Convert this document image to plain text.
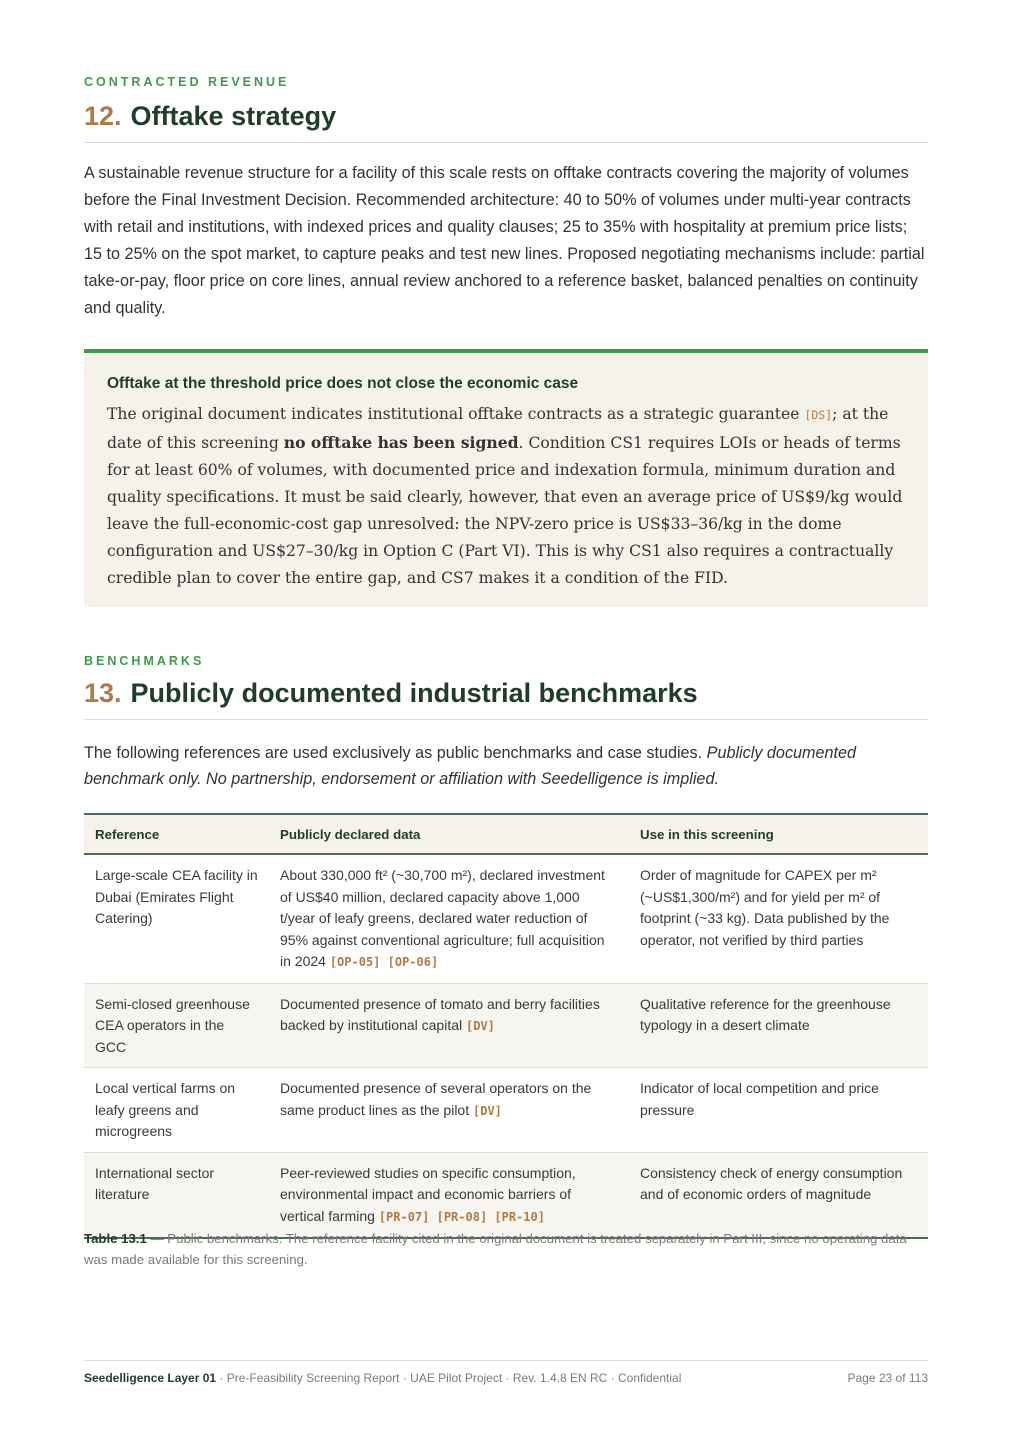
CONTRACTED REVENUE
12. Offtake strategy

A sustainable revenue structure for a facility of this scale rests on offtake contracts covering the majority of volumes before the Final Investment Decision. Recommended architecture: 40 to 50% of volumes under multi-year contracts with retail and institutions, with indexed prices and quality clauses; 25 to 35% with hospitality at premium price lists; 15 to 25% on the spot market, to capture peaks and test new lines. Proposed negotiating mechanisms include: partial take-or-pay, floor price on core lines, annual review anchored to a reference basket, balanced penalties on continuity and quality.

Offtake at the threshold price does not close the economic case

The original document indicates institutional offtake contracts as a strategic guarantee [DS]; at the date of this screening no offtake has been signed. Condition CS1 requires LOIs or heads of terms for at least 60% of volumes, with documented price and indexation formula, minimum duration and quality specifications. It must be said clearly, however, that even an average price of US$9/kg would leave the full-economic-cost gap unresolved: the NPV-zero price is US$33–36/kg in the dome configuration and US$27–30/kg in Option C (Part VI). This is why CS1 also requires a contractually credible plan to cover the entire gap, and CS7 makes it a condition of the FID.

BENCHMARKS
13. Publicly documented industrial benchmarks

The following references are used exclusively as public benchmarks and case studies. Publicly documented benchmark only. No partnership, endorsement or affiliation with Seedelligence is implied.

Reference	Publicly declared data	Use in this screening
Large-scale CEA facility in Dubai (Emirates Flight Catering)	About 330,000 ft² (~30,700 m²), declared investment of US$40 million, declared capacity above 1,000 t/year of leafy greens, declared water reduction of 95% against conventional agriculture; full acquisition in 2024 [OP-05] [OP-06]	Order of magnitude for CAPEX per m² (~US$1,300/m²) and for yield per m² of footprint (~33 kg). Data published by the operator, not verified by third parties
Semi-closed greenhouse CEA operators in the GCC	Documented presence of tomato and berry facilities backed by institutional capital [DV]	Qualitative reference for the greenhouse typology in a desert climate
Local vertical farms on leafy greens and microgreens	Documented presence of several operators on the same product lines as the pilot [DV]	Indicator of local competition and price pressure
International sector literature	Peer-reviewed studies on specific consumption, environmental impact and economic barriers of vertical farming [PR-07] [PR-08] [PR-10]	Consistency check of energy consumption and of economic orders of magnitude

Table 13.1 — Public benchmarks. The reference facility cited in the original document is treated separately in Part III, since no operating data was made available for this screening.

Seedelligence Layer 01 · Pre-Feasibility Screening Report · UAE Pilot Project · Rev. 1.4.8 EN RC · Confidential	Page 23 of 113
